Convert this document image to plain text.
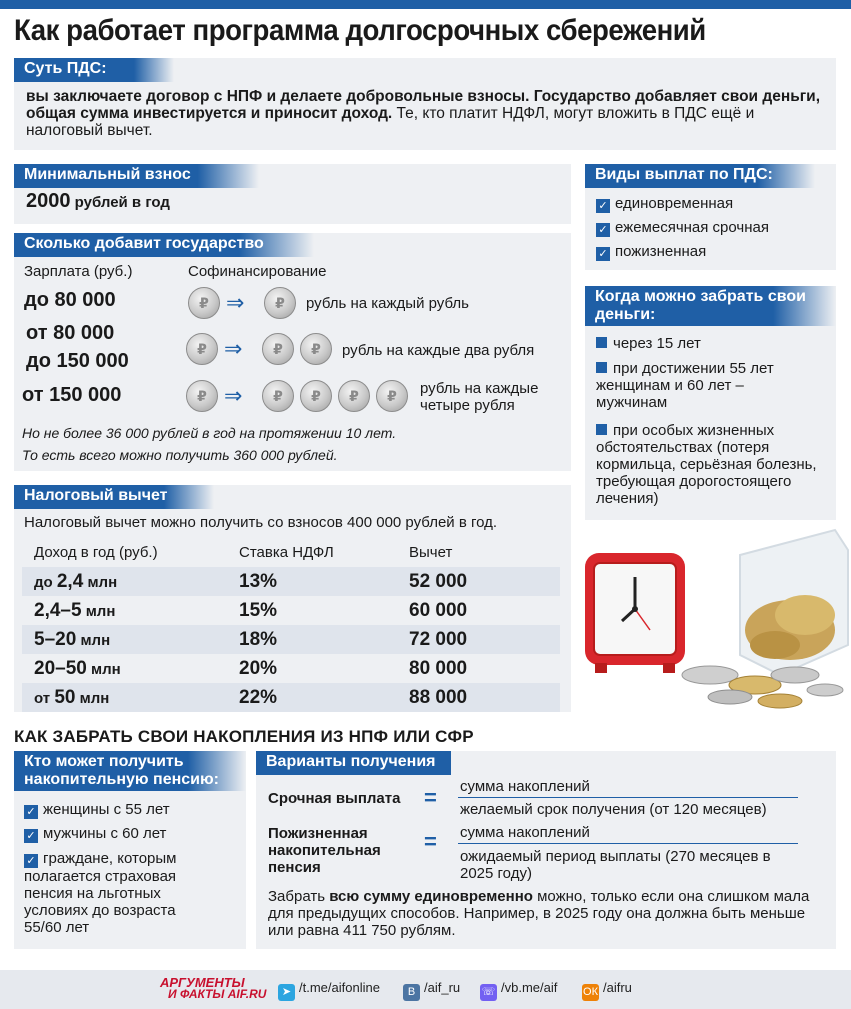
Как работает программа долгосрочных сбережений
Суть ПДС:
вы заключаете договор с НПФ и делаете добровольные взносы. Государство добавляет свои деньги, общая сумма инвестируется и приносит доход. Те, кто платит НДФЛ, могут вложить в ПДС ещё и налоговый вычет.
Минимальный взнос
2000 рублей в год
Сколько добавит государство
Зарплата (руб.)	Софинансирование
до 80 000	₽ ⇒	₽	рубль на каждый рубль
от 80 000
до 150 000
₽ ⇒	₽	₽	рубль на каждые два рубля
от 150 000	₽ ⇒	₽	₽	₽	₽	рубль на каждые четыре рубля
Но не более 36 000 рублей в год на протяжении 10 лет.
То есть всего можно получить 360 000 рублей.
Налоговый вычет
Налоговый вычет можно получить со взносов 400 000 рублей в год.
Доход в год (руб.)	Ставка НДФЛ	Вычет
до 2,4 млн	13%	52 000
2,4–5 млн	15%	60 000
5–20 млн	18%	72 000
20–50 млн	20%	80 000
от 50 млн	22%	88 000
Виды выплат по ПДС:
✓ единовременная
✓ ежемесячная срочная
✓ пожизненная
Когда можно забрать свои деньги:
через 15 лет
при достижении 55 лет женщинам и 60 лет – мужчинам
при особых жизненных обстоятельствах (потеря кормильца, серьёзная болезнь, требующая дорогостоящего лечения)
КАК ЗАБРАТЬ СВОИ НАКОПЛЕНИЯ ИЗ НПФ ИЛИ СФР
Кто может получить накопительную пенсию:
✓ женщины с 55 лет
✓ мужчины с 60 лет
✓ граждане, которым полагается страховая пенсия на льготных условиях до возраста 55/60 лет
Варианты получения
Срочная выплата = сумма накоплений
желаемый срок получения (от 120 месяцев)
Пожизненная накопительная пенсия
= сумма накоплений
ожидаемый период выплаты (270 месяцев в 2025 году)
Забрать всю сумму единовременно можно, только если она слишком мала для предыдущих способов. Например, в 2025 году она должна быть меньше или равна 411 750 рублям.
АРГУМЕНТЫ
И ФАКТЫ AIF.RU	➤ /t.me/aifonline	В /aif_ru ☏ /vb.me/aif ОК /aifru
